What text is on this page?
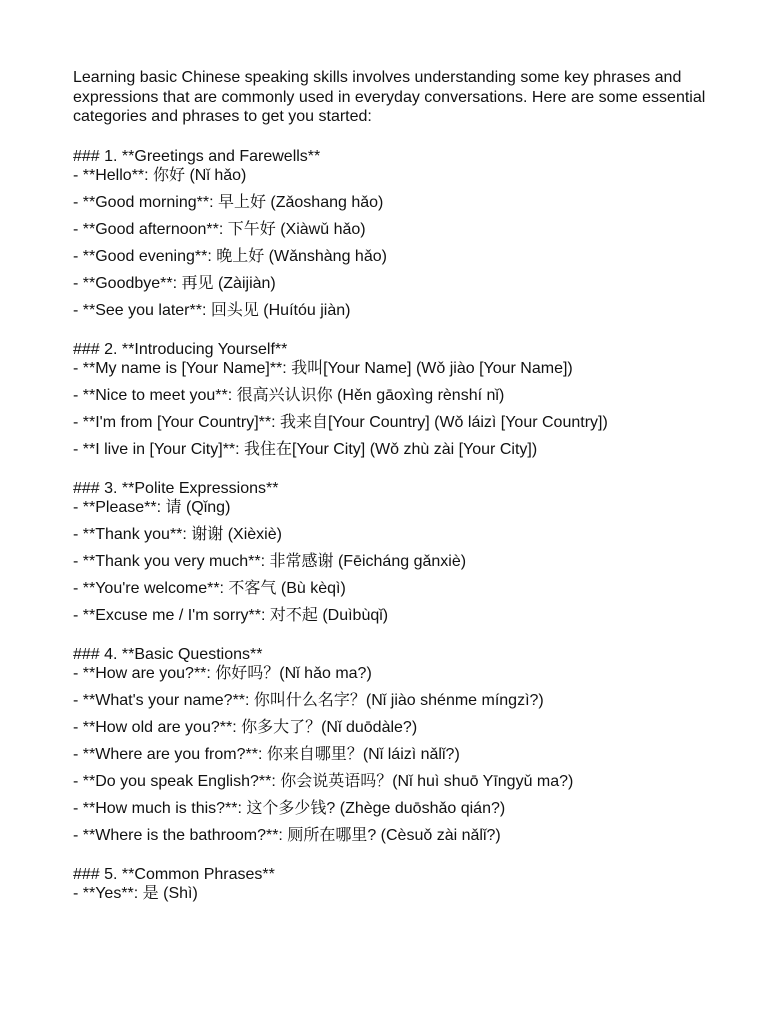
Learning basic Chinese speaking skills involves understanding some key phrases and expressions that are commonly used in everyday conversations. Here are some essential categories and phrases to get you started:

### 1. **Greetings and Farewells**

- **Hello**: 你好 (Nǐ hǎo)
- **Good morning**: 早上好 (Zǎoshang hǎo)
- **Good afternoon**: 下午好 (Xiàwǔ hǎo)
- **Good evening**: 晚上好 (Wǎnshàng hǎo)
- **Goodbye**: 再见 (Zàijiàn)
- **See you later**: 回头见 (Huítóu jiàn)

### 2. **Introducing Yourself**

- **My name is [Your Name]**: 我叫[Your Name] (Wǒ jiào [Your Name])
- **Nice to meet you**: 很高兴认识你 (Hěn gāoxìng rènshí nǐ)
- **I'm from [Your Country]**: 我来自[Your Country] (Wǒ láizì [Your Country])
- **I live in [Your City]**: 我住在[Your City] (Wǒ zhù zài [Your City])

### 3. **Polite Expressions**

- **Please**: 请 (Qǐng)
- **Thank you**: 谢谢 (Xièxiè)
- **Thank you very much**: 非常感谢 (Fēicháng gǎnxiè)
- **You're welcome**: 不客气 (Bù kèqì)
- **Excuse me / I'm sorry**: 对不起 (Duìbùqǐ)

### 4. **Basic Questions**

- **How are you?**: 你好吗？(Nǐ hǎo ma?)
- **What's your name?**: 你叫什么名字？(Nǐ jiào shénme míngzì?)
- **How old are you?**: 你多大了？(Nǐ duōdàle?)
- **Where are you from?**: 你来自哪里？(Nǐ láizì nǎlǐ?)
- **Do you speak English?**: 你会说英语吗？(Nǐ huì shuō Yīngyǔ ma?)
- **How much is this?**: 这个多少钱? (Zhège duōshǎo qián?)
- **Where is the bathroom?**: 厕所在哪里? (Cèsuǒ zài nǎlǐ?)

### 5. **Common Phrases**

- **Yes**: 是 (Shì)
